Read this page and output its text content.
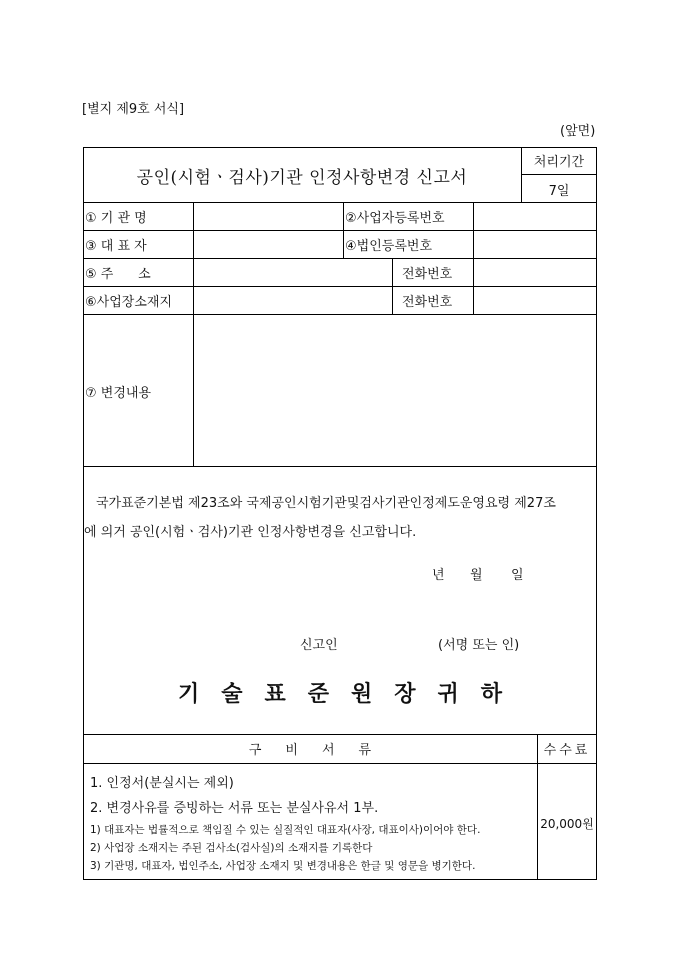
[별지 제9호 서식]
(앞면)
공인(시험ㆍ검사)기관 인정사항변경 신고서
처리기간
7일
① 기 관 명	②사업자등록번호
③ 대 표 자	④법인등록번호
⑤ 주      소	전화번호
⑥사업장소재지	전화번호
⑦ 변경내용
국가표준기본법 제23조와 국제공인시험기관및검사기관인정제도운영요령 제27조
에 의거 공인(시험ㆍ검사)기관 인정사항변경을 신고합니다.
년 월 일
신고인	(서명 또는 인)
기술표준원장귀하
구비서류	수수료
1. 인정서(분실시는 제외)
2. 변경사유를 증빙하는 서류 또는 분실사유서 1부.
1) 대표자는 법률적으로 책임질 수 있는 실질적인 대표자(사장, 대표이사)이어야 한다.
2) 사업장 소재지는 주된 검사소(검사실)의 소재지를 기록한다
3) 기관명, 대표자, 법인주소, 사업장 소재지 및 변경내용은 한글 및 영문을 병기한다.
20,000원
